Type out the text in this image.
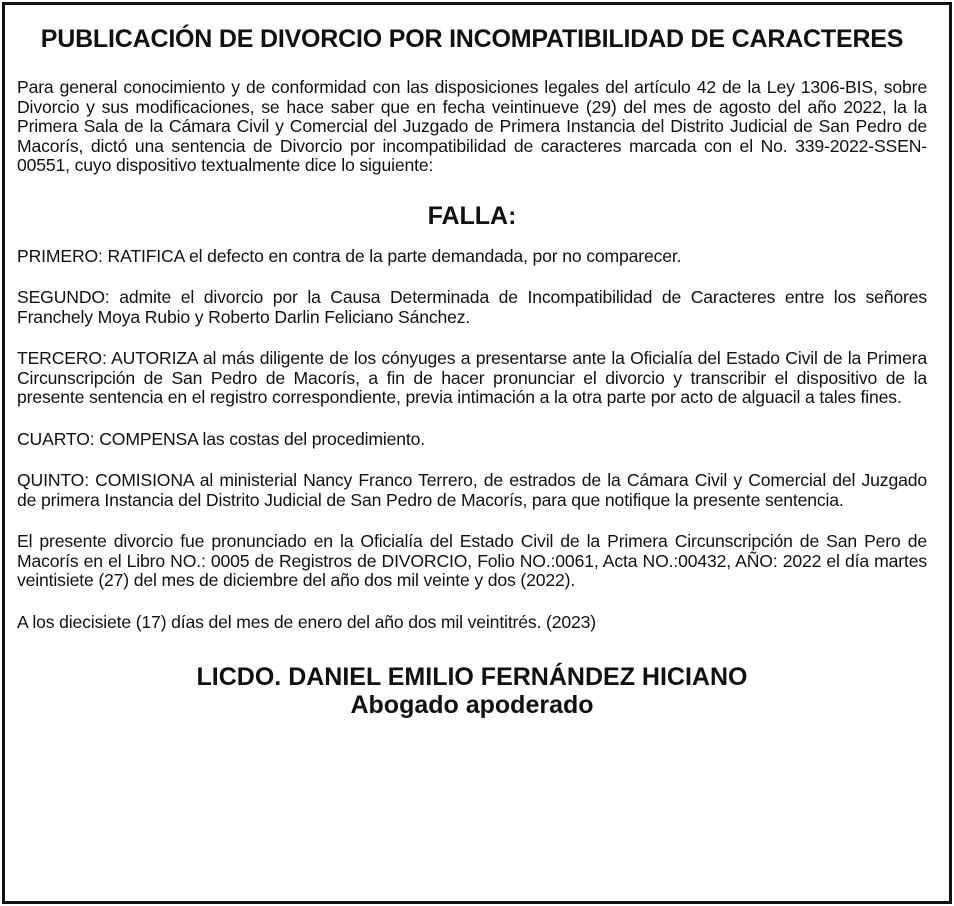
PUBLICACIÓN DE DIVORCIO POR INCOMPATIBILIDAD DE CARACTERES

Para general conocimiento y de conformidad con las disposiciones legales del artículo 42 de la Ley 1306-BIS, sobre Divorcio y sus modificaciones, se hace saber que en fecha veintinueve (29) del mes de agosto del año 2022, la la Primera Sala de la Cámara Civil y Comercial del Juzgado de Primera Instancia del Distrito Judicial de San Pedro de Macorís, dictó una sentencia de Divorcio por incompatibilidad de caracteres marcada con el No. 339-2022-SSEN-00551, cuyo dispositivo textualmente dice lo siguiente:

FALLA:

PRIMERO: RATIFICA el defecto en contra de la parte demandada, por no comparecer.

SEGUNDO: admite el divorcio por la Causa Determinada de Incompatibilidad de Caracteres entre los señores Franchely Moya Rubio y Roberto Darlin Feliciano Sánchez.

TERCERO: AUTORIZA al más diligente de los cónyuges a presentarse ante la Oficialía del Estado Civil de la Primera Circunscripción de San Pedro de Macorís, a fin de hacer pronunciar el divorcio y transcribir el dispositivo de la presente sentencia en el registro correspondiente, previa intimación a la otra parte por acto de alguacil a tales fines.

CUARTO: COMPENSA las costas del procedimiento.

QUINTO: COMISIONA al ministerial Nancy Franco Terrero, de estrados de la Cámara Civil y Comercial del Juzgado de primera Instancia del Distrito Judicial de San Pedro de Macorís, para que notifique la presente sentencia.

El presente divorcio fue pronunciado en la Oficialía del Estado Civil de la Primera Circunscripción de San Pero de Macorís en el Libro NO.: 0005 de Registros de DIVORCIO, Folio NO.:0061, Acta NO.:00432, AÑO: 2022 el día martes veintisiete (27) del mes de diciembre del año dos mil veinte y dos (2022).

A los diecisiete (17) días del mes de enero del año dos mil veintitrés. (2023)

LICDO. DANIEL EMILIO FERNÁNDEZ HICIANO

Abogado apoderado
